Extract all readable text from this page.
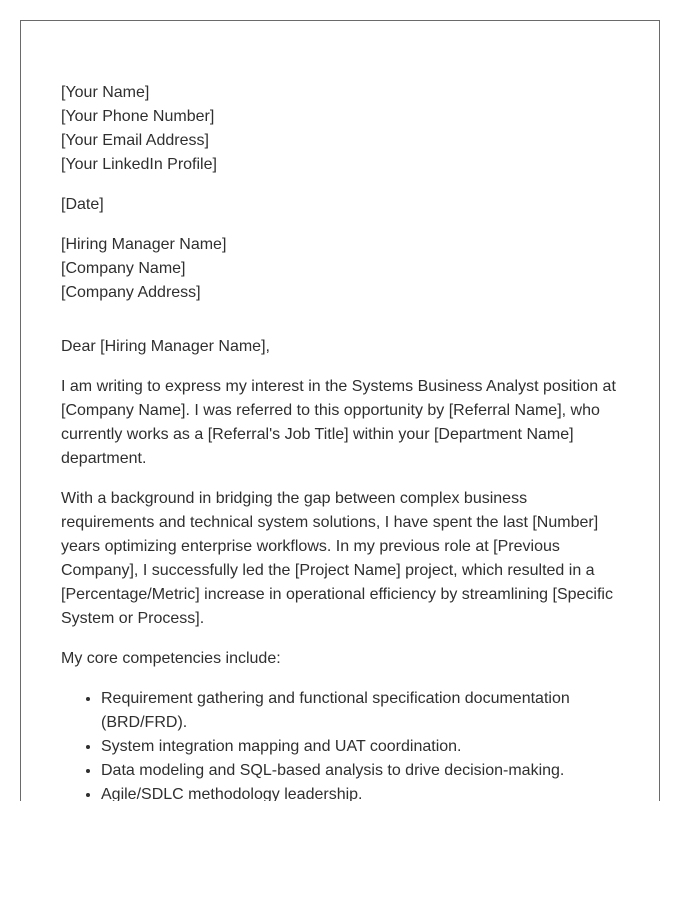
[Your Name]
[Your Phone Number]
[Your Email Address]
[Your LinkedIn Profile]
[Date]
[Hiring Manager Name]
[Company Name]
[Company Address]

Dear [Hiring Manager Name],

I am writing to express my interest in the Systems Business Analyst position at [Company Name]. I was referred to this opportunity by [Referral Name], who currently works as a [Referral's Job Title] within your [Department Name] department.

With a background in bridging the gap between complex business requirements and technical system solutions, I have spent the last [Number] years optimizing enterprise workflows. In my previous role at [Previous Company], I successfully led the [Project Name] project, which resulted in a [Percentage/Metric] increase in operational efficiency by streamlining [Specific System or Process].

My core competencies include:

• Requirement gathering and functional specification documentation (BRD/FRD).
• System integration mapping and UAT coordination.
• Data modeling and SQL-based analysis to drive decision-making.
• Agile/SDLC methodology leadership.
